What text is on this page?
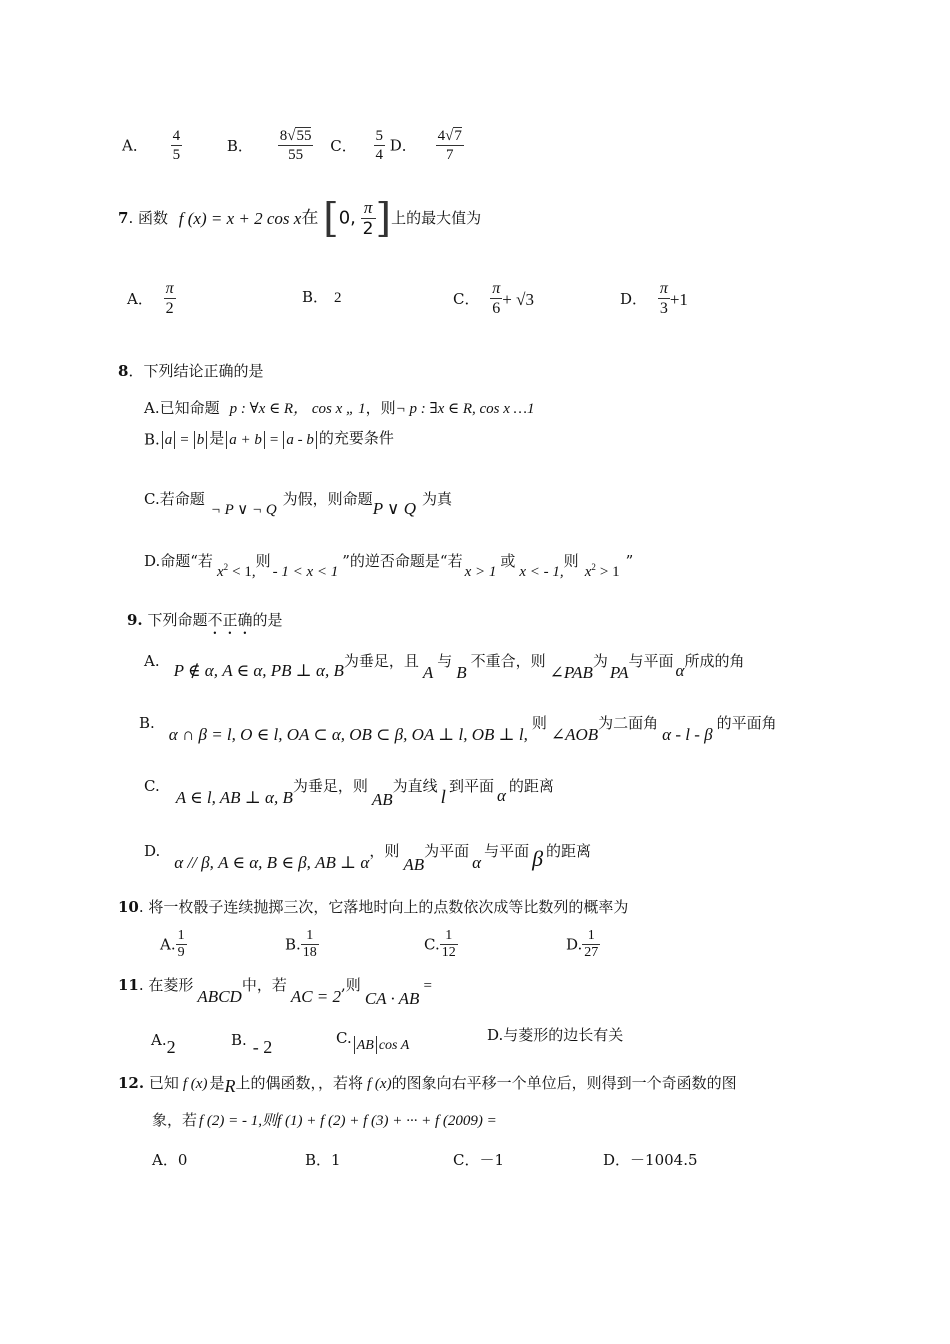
A． $\frac{4}{5}$	B． $\frac{8√55}{55}$ C． $\frac{5}{4}$ D． $\frac{4√7}{7}$
7. 函数 f (x) = x + 2 cos x在 [0, $\frac{\pi}{2}$ ]上的最大值为
A． $\frac{\pi}{2}$	B． 2	C． $\frac{\pi}{6} + √3$	D． $\frac{\pi}{3} +1$
8．下列结论正确的是
A.已知命题 p : ∀x ∈ R， cos x „ 1，则¬ p : ∃x ∈ R, cos x …1
B. a = b 是 a + b = a - b 的充要条件
C.若命题¬ P ∨ ¬ Q为假，则命题P ∨ Q 为真
D.命题“若$x^2 < 1$,则- 1 < x < 1”的逆否命题是“若x > 1或x < - 1,则$x^2 > 1$”
9. 下列命题不正确的是
A. P ∉ α, A ∈ α, PB ⊥ α, B为垂足，且A与B不重合，则∠PAB为PA与平面 α所成的角
B.α ∩ β = l, O ∈ l, OA ⊂ α, OB ⊂ β, OA ⊥ l, OB ⊥ l,则∠AOB为二面角α - l - β的平面角
C.A ∈ l, AB ⊥ α, B为垂足，则AB为直线l到平面 α 的距离
D.α // β, A ∈ α, B ∈ β, AB ⊥ α，则AB为平面α与平面 β 的距离
10. 将一枚骰子连续抛掷三次，它落地时向上的点数依次成等比数列的概率为
A. $\frac{1}{9}$	B. $\frac{1}{18}$	C. $\frac{1}{12}$	D. $\frac{1}{27}$
11. 在菱形ABCD中，若AC = 2,则CA · AB=
A.2	B. - 2	C. AB cos A
D.与菱形的边长有关
12. 已知 f (x) 是R上的偶函数，，若将 f (x)的图象向右平移一个单位后，则得到一个奇函数的图
象，若 f (2) = - 1,则f (1) + f (2) + f (3) + ··· + f (2009) =
A．0	B．1	C．－1	D．－1004.5
